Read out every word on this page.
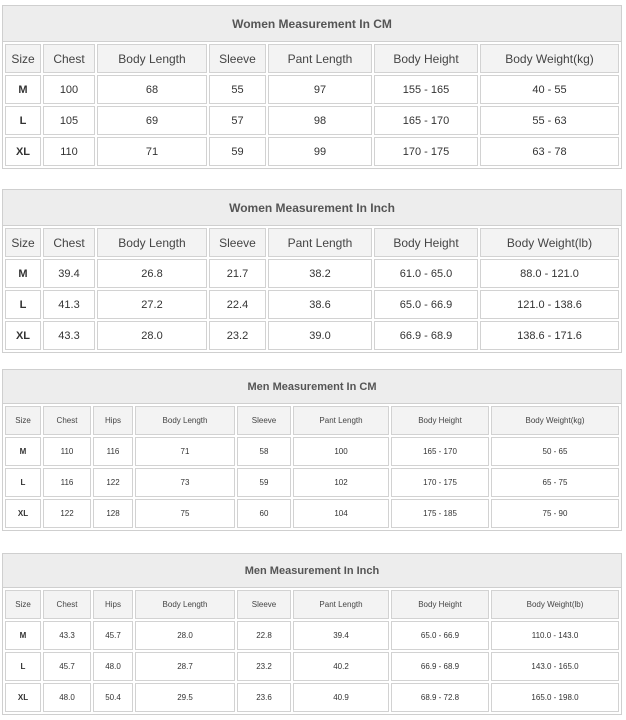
Women Measurement In CM
Size	Chest	Body Length	Sleeve	Pant Length	Body Height	Body Weight(kg)
M	100	68	55	97	155 - 165	40 - 55
L	105	69	57	98	165 - 170	55 - 63
XL	110	71	59	99	170 - 175	63 - 78
Women Measurement In Inch
Size	Chest	Body Length	Sleeve	Pant Length	Body Height	Body Weight(lb)
M	39.4	26.8	21.7	38.2	61.0 - 65.0	88.0 - 121.0
L	41.3	27.2	22.4	38.6	65.0 - 66.9	121.0 - 138.6
XL	43.3	28.0	23.2	39.0	66.9 - 68.9	138.6 - 171.6
Men Measurement In CM
Size	Chest	Hips	Body Length	Sleeve	Pant Length	Body Height	Body Weight(kg)
M	110	116	71	58	100	165 - 170	50 - 65
L	116	122	73	59	102	170 - 175	65 - 75
XL	122	128	75	60	104	175 - 185	75 - 90
Men Measurement In Inch
Size	Chest	Hips	Body Length	Sleeve	Pant Length	Body Height	Body Weight(lb)
M	43.3	45.7	28.0	22.8	39.4	65.0 - 66.9	110.0 - 143.0
L	45.7	48.0	28.7	23.2	40.2	66.9 - 68.9	143.0 - 165.0
XL	48.0	50.4	29.5	23.6	40.9	68.9 - 72.8	165.0 - 198.0
